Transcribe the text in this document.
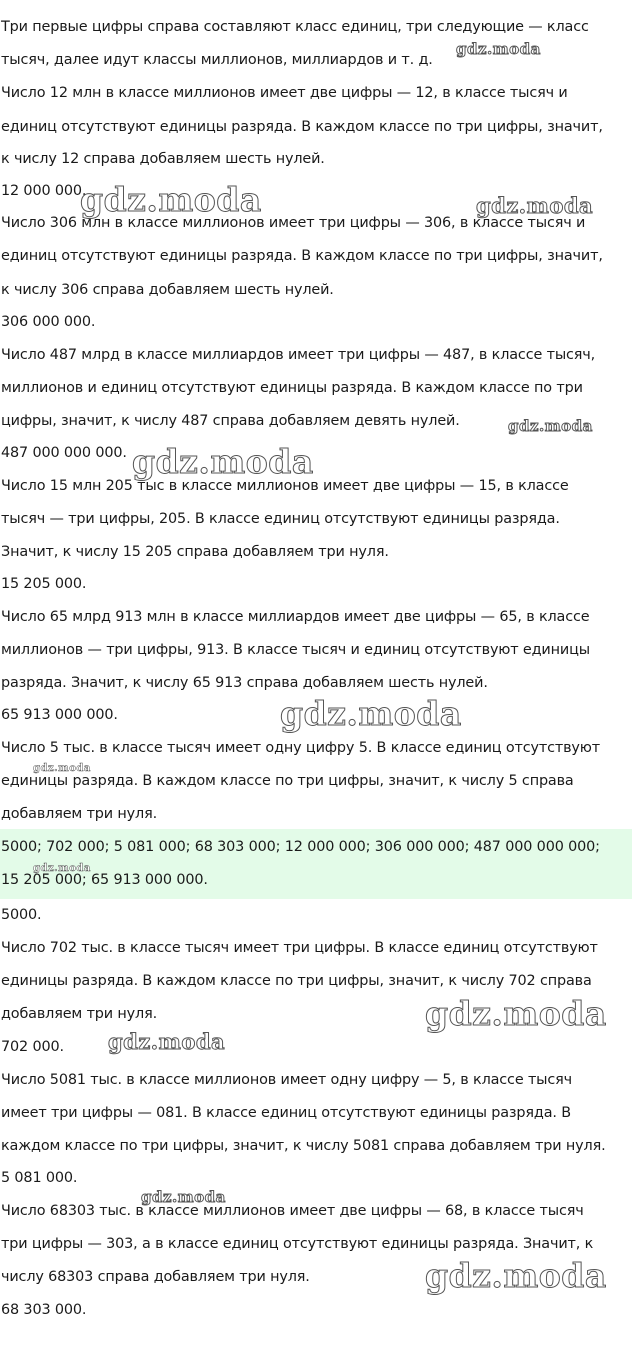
Три первые цифры справа составляют класс единиц, три следующие — класс
тысяч, далее идут классы миллионов, миллиардов и т. д.
Число 12 млн в классе миллионов имеет две цифры — 12, в классе тысяч и
единиц отсутствуют единицы разряда. В каждом классе по три цифры, значит,
к числу 12 справа добавляем шесть нулей.
12 000 000.
Число 306 млн в классе миллионов имеет три цифры — 306, в классе тысяч и
единиц отсутствуют единицы разряда. В каждом классе по три цифры, значит,
к числу 306 справа добавляем шесть нулей.
306 000 000.
Число 487 млрд в классе миллиардов имеет три цифры — 487, в классе тысяч,
миллионов и единиц отсутствуют единицы разряда. В каждом классе по три
цифры, значит, к числу 487 справа добавляем девять нулей.
487 000 000 000.
Число 15 млн 205 тыс в классе миллионов имеет две цифры — 15, в классе
тысяч — три цифры, 205. В классе единиц отсутствуют единицы разряда.
Значит, к числу 15 205 справа добавляем три нуля.
15 205 000.
Число 65 млрд 913 млн в классе миллиардов имеет две цифры — 65, в классе
миллионов — три цифры, 913. В классе тысяч и единиц отсутствуют единицы
разряда. Значит, к числу 65 913 справа добавляем шесть нулей.
65 913 000 000.
Число 5 тыс. в классе тысяч имеет одну цифру 5. В классе единиц отсутствуют
единицы разряда. В каждом классе по три цифры, значит, к числу 5 справа
добавляем три нуля.
5000; 702 000; 5 081 000; 68 303 000; 12 000 000; 306 000 000; 487 000 000 000;
15 205 000; 65 913 000 000.
5000.
Число 702 тыс. в классе тысяч имеет три цифры. В классе единиц отсутствуют
единицы разряда. В каждом классе по три цифры, значит, к числу 702 справа
добавляем три нуля.
702 000.
Число 5081 тыс. в классе миллионов имеет одну цифру — 5, в классе тысяч
имеет три цифры — 081. В классе единиц отсутствуют единицы разряда. В
каждом классе по три цифры, значит, к числу 5081 справа добавляем три нуля.
5 081 000.
Число 68303 тыс. в классе миллионов имеет две цифры — 68, в классе тысяч
три цифры — 303, а в классе единиц отсутствуют единицы разряда. Значит, к
числу 68303 справа добавляем три нуля.
68 303 000.
gdz.moda
gdz.moda	gdz.moda
gdz.moda
gdz.moda
gdz.moda
gdz.moda
gdz.moda
gdz.moda
gdz.moda
gdz.moda
gdz.moda
